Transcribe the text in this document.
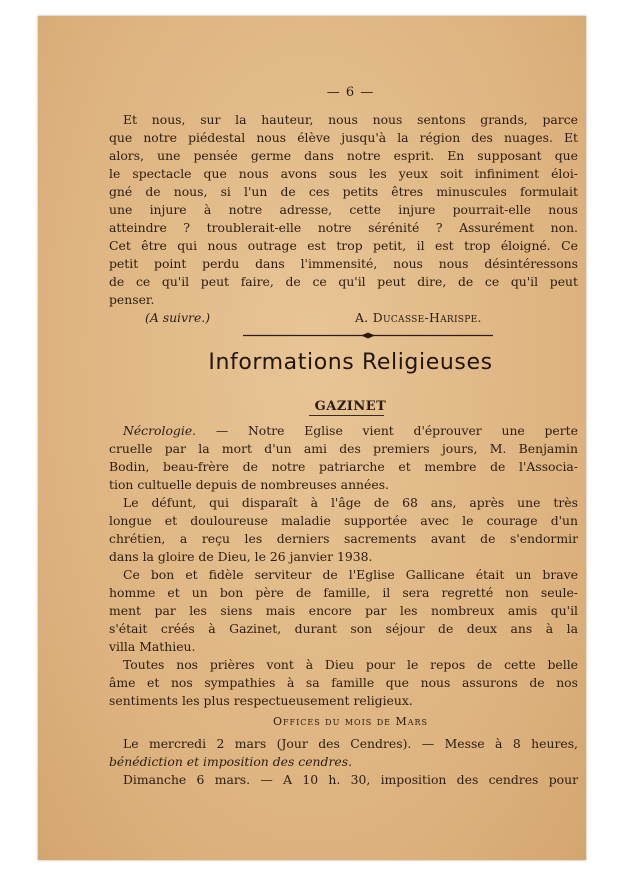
— 6 —
Et nous, sur la hauteur, nous nous sentons grands, parce
que notre piédestal nous élève jusqu'à la région des nuages. Et
alors, une pensée germe dans notre esprit. En supposant que
le spectacle que nous avons sous les yeux soit infiniment éloi-
gné de nous, si l'un de ces petits êtres minuscules formulait
une injure à notre adresse, cette injure pourrait-elle nous
atteindre ? troublerait-elle notre sérénité ? Assurément non.
Cet être qui nous outrage est trop petit, il est trop éloigné. Ce
petit point perdu dans l'immensité, nous nous désintéressons
de ce qu'il peut faire, de ce qu'il peut dire, de ce qu'il peut
penser.
(A suivre.)	A. Ducasse-Harispe.
Informations Religieuses
GAZINET
Nécrologie. — Notre Eglise vient d'éprouver une perte
cruelle par la mort d'un ami des premiers jours, M. Benjamin
Bodin, beau-frère de notre patriarche et membre de l'Associa-
tion cultuelle depuis de nombreuses années.
Le défunt, qui disparaît à l'âge de 68 ans, après une très
longue et douloureuse maladie supportée avec le courage d'un
chrétien, a reçu les derniers sacrements avant de s'endormir
dans la gloire de Dieu, le 26 janvier 1938.
Ce bon et fidèle serviteur de l'Eglise Gallicane était un brave
homme et un bon père de famille, il sera regretté non seule-
ment par les siens mais encore par les nombreux amis qu'il
s'était créés à Gazinet, durant son séjour de deux ans à la
villa Mathieu.
Toutes nos prières vont à Dieu pour le repos de cette belle
âme et nos sympathies à sa famille que nous assurons de nos
sentiments les plus respectueusement religieux.
Offices du mois de Mars
Le mercredi 2 mars (Jour des Cendres). — Messe à 8 heures,
bénédiction et imposition des cendres.
Dimanche 6 mars. — A 10 h. 30, imposition des cendres pour
